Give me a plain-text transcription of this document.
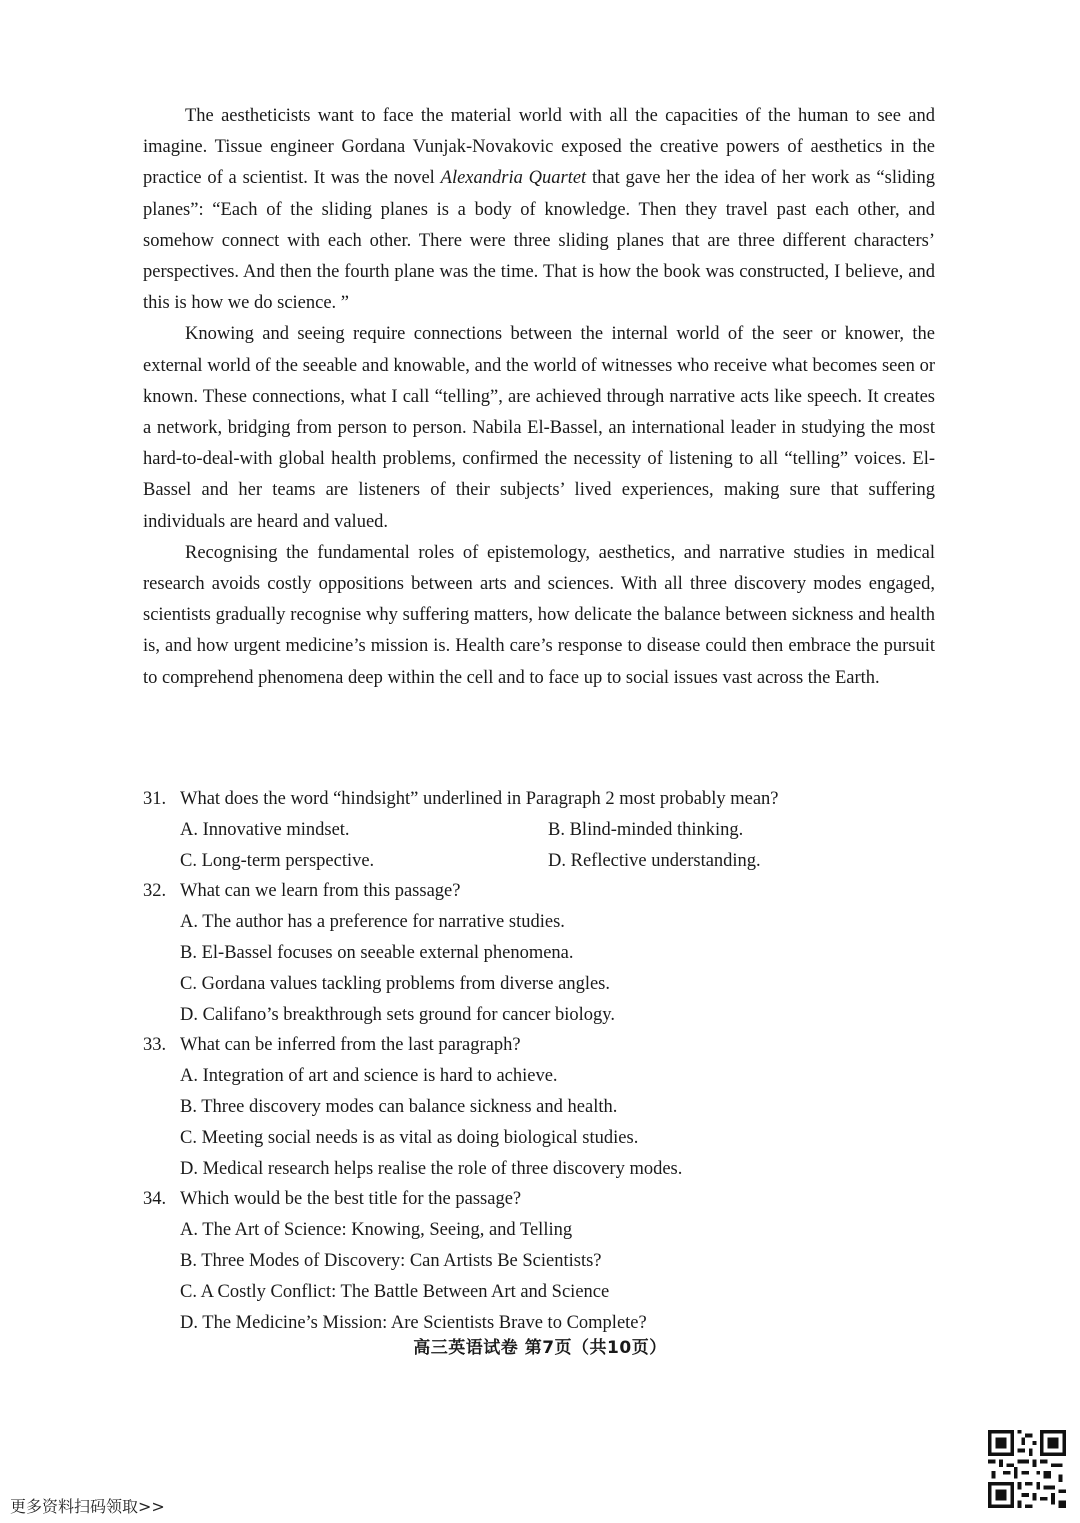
The aestheticists want to face the material world with all the capacities of the human to see and imagine. Tissue engineer Gordana Vunjak-Novakovic exposed the creative powers of aesthetics in the practice of a scientist. It was the novel Alexandria Quartet that gave her the idea of her work as “sliding planes”: “Each of the sliding planes is a body of knowledge. Then they travel past each other, and somehow connect with each other. There were three sliding planes that are three different characters’ perspectives. And then the fourth plane was the time. That is how the book was constructed, I believe, and this is how we do science. ”

Knowing and seeing require connections between the internal world of the seer or knower, the external world of the seeable and knowable, and the world of witnesses who receive what becomes seen or known. These connections, what I call “telling”, are achieved through narrative acts like speech. It creates a network, bridging from person to person. Nabila El-Bassel, an international leader in studying the most hard-to-deal-with global health problems, confirmed the necessity of listening to all “telling” voices. El-Bassel and her teams are listeners of their subjects’ lived experiences, making sure that suffering individuals are heard and valued.

Recognising the fundamental roles of epistemology, aesthetics, and narrative studies in medical research avoids costly oppositions between arts and sciences. With all three discovery modes engaged, scientists gradually recognise why suffering matters, how delicate the balance between sickness and health is, and how urgent medicine’s mission is. Health care’s response to disease could then embrace the pursuit to comprehend phenomena deep within the cell and to face up to social issues vast across the Earth.

31. What does the word “hindsight” underlined in Paragraph 2 most probably mean?
A. Innovative mindset.	B. Blind-minded thinking.
C. Long-term perspective.	D. Reflective understanding.
32. What can we learn from this passage?
A. The author has a preference for narrative studies.
B. El-Bassel focuses on seeable external phenomena.
C. Gordana values tackling problems from diverse angles.
D. Califano’s breakthrough sets ground for cancer biology.
33. What can be inferred from the last paragraph?
A. Integration of art and science is hard to achieve.
B. Three discovery modes can balance sickness and health.
C. Meeting social needs is as vital as doing biological studies.
D. Medical research helps realise the role of three discovery modes.
34. Which would be the best title for the passage?
A. The Art of Science: Knowing, Seeing, and Telling
B. Three Modes of Discovery: Can Artists Be Scientists?
C. A Costly Conflict: The Battle Between Art and Science
D. The Medicine’s Mission: Are Scientists Brave to Complete?
高三英语试卷 第7页（共10页）
更多资料扫码领取>>
